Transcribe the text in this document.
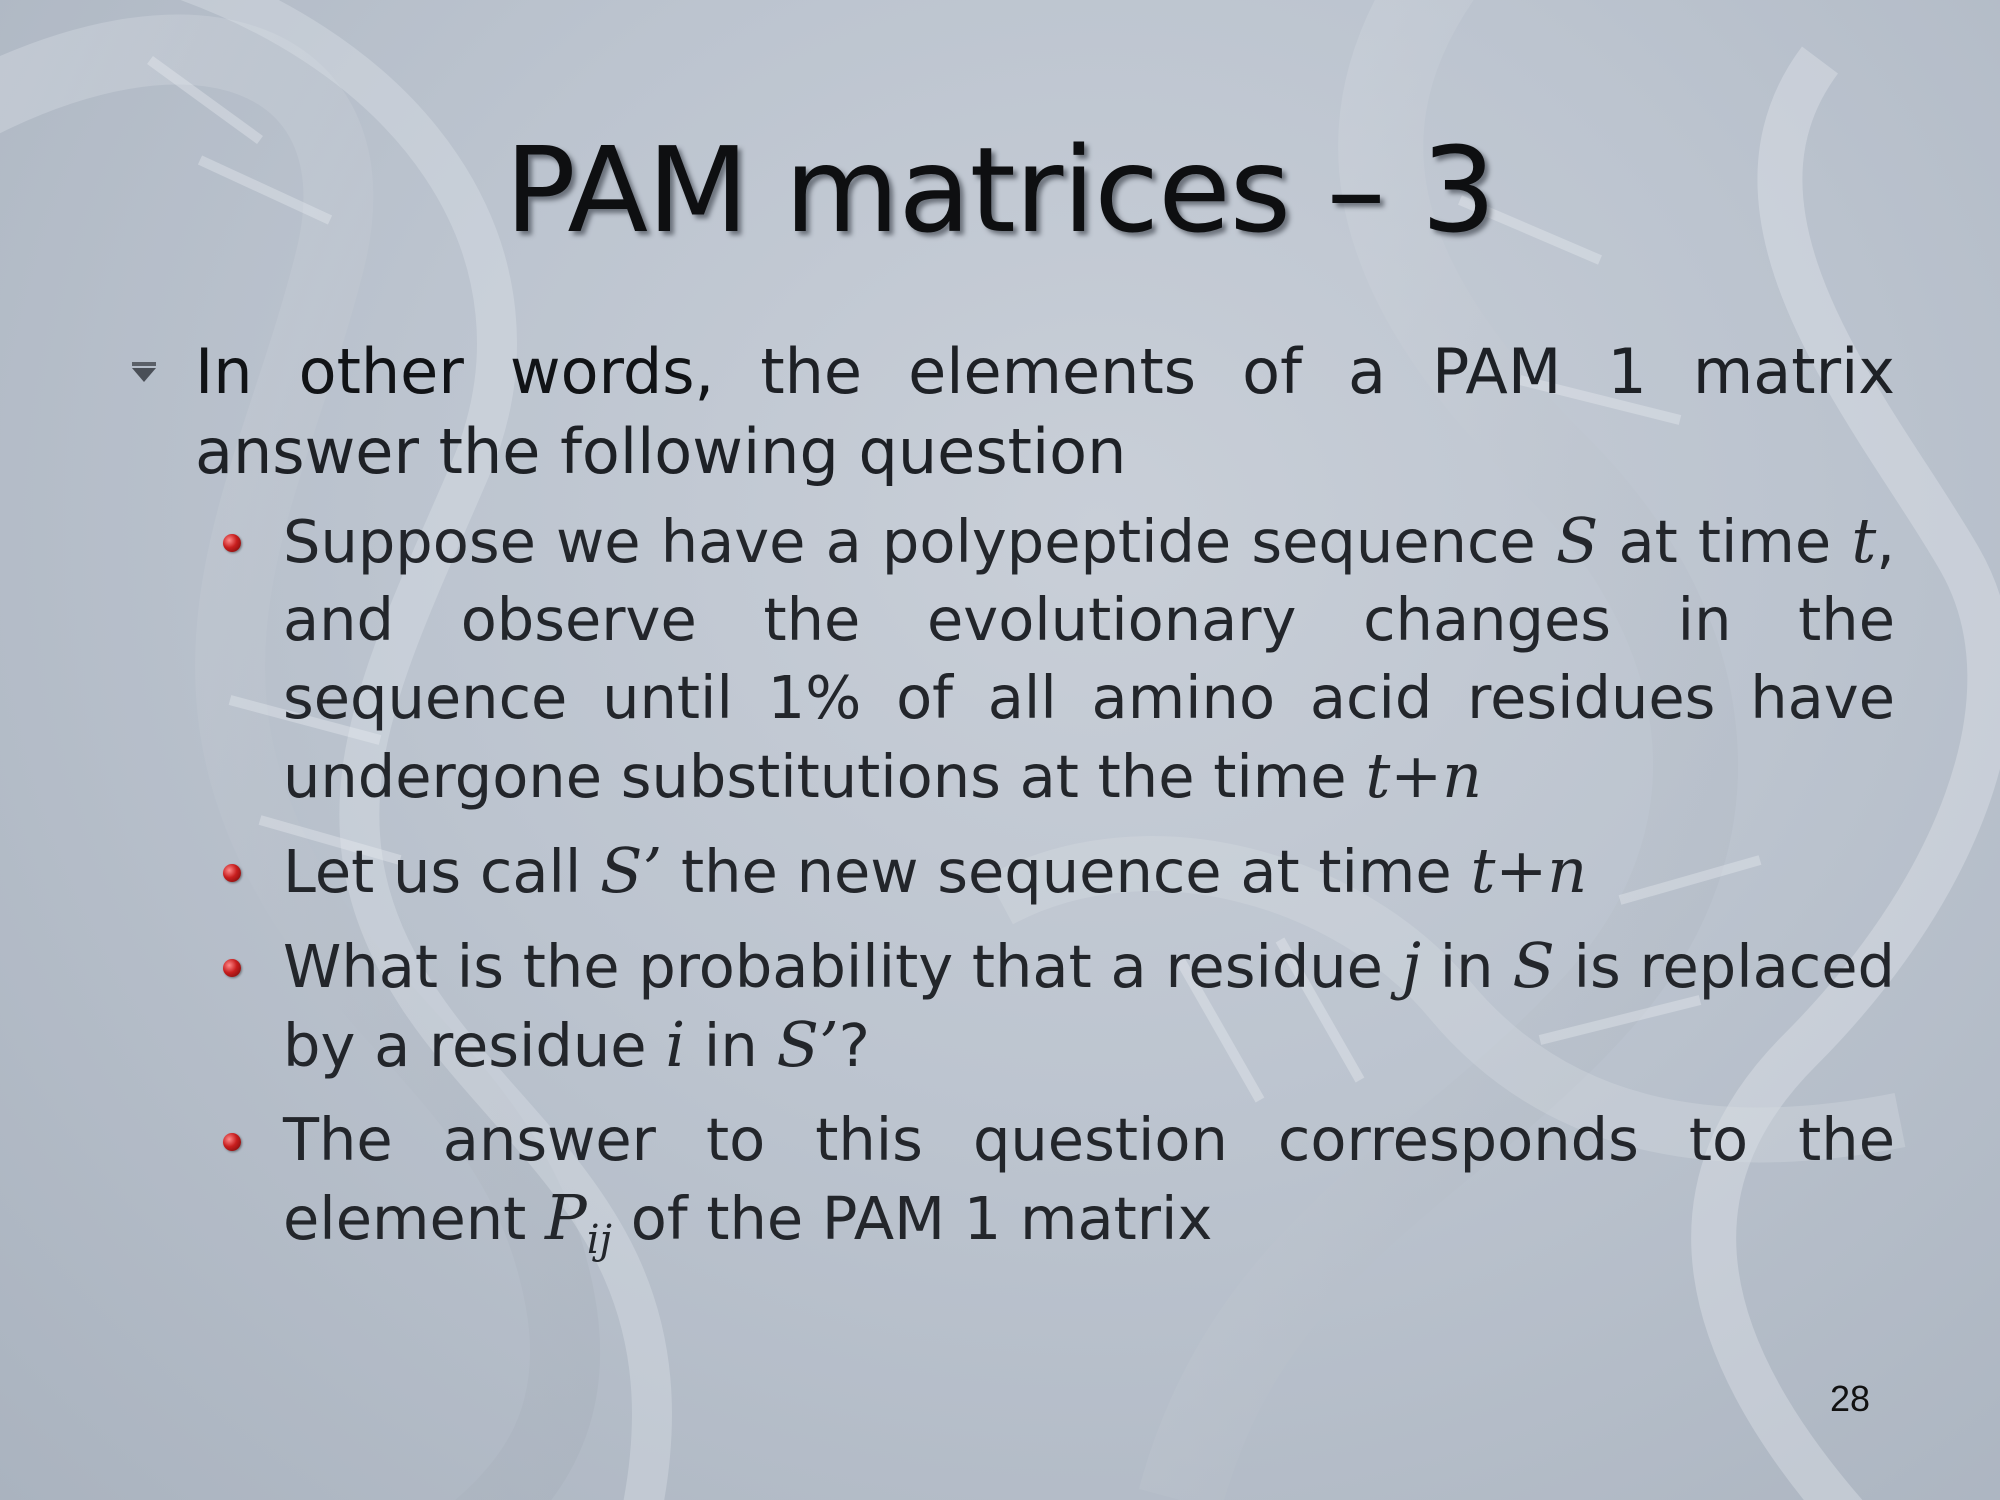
PAM matrices – 3
In other words, the elements of a PAM 1 matrix answer the following question
Suppose we have a polypeptide sequence S at time t, and observe the evolutionary changes in the sequence until 1% of all amino acid residues have undergone substitutions at the time t+n
Let us call S’ the new sequence at time t+n
What is the probability that a residue j in S is replaced by a residue i in S’?
The answer to this question corresponds to the element $P_{ij}$ of the PAM 1 matrix
28
